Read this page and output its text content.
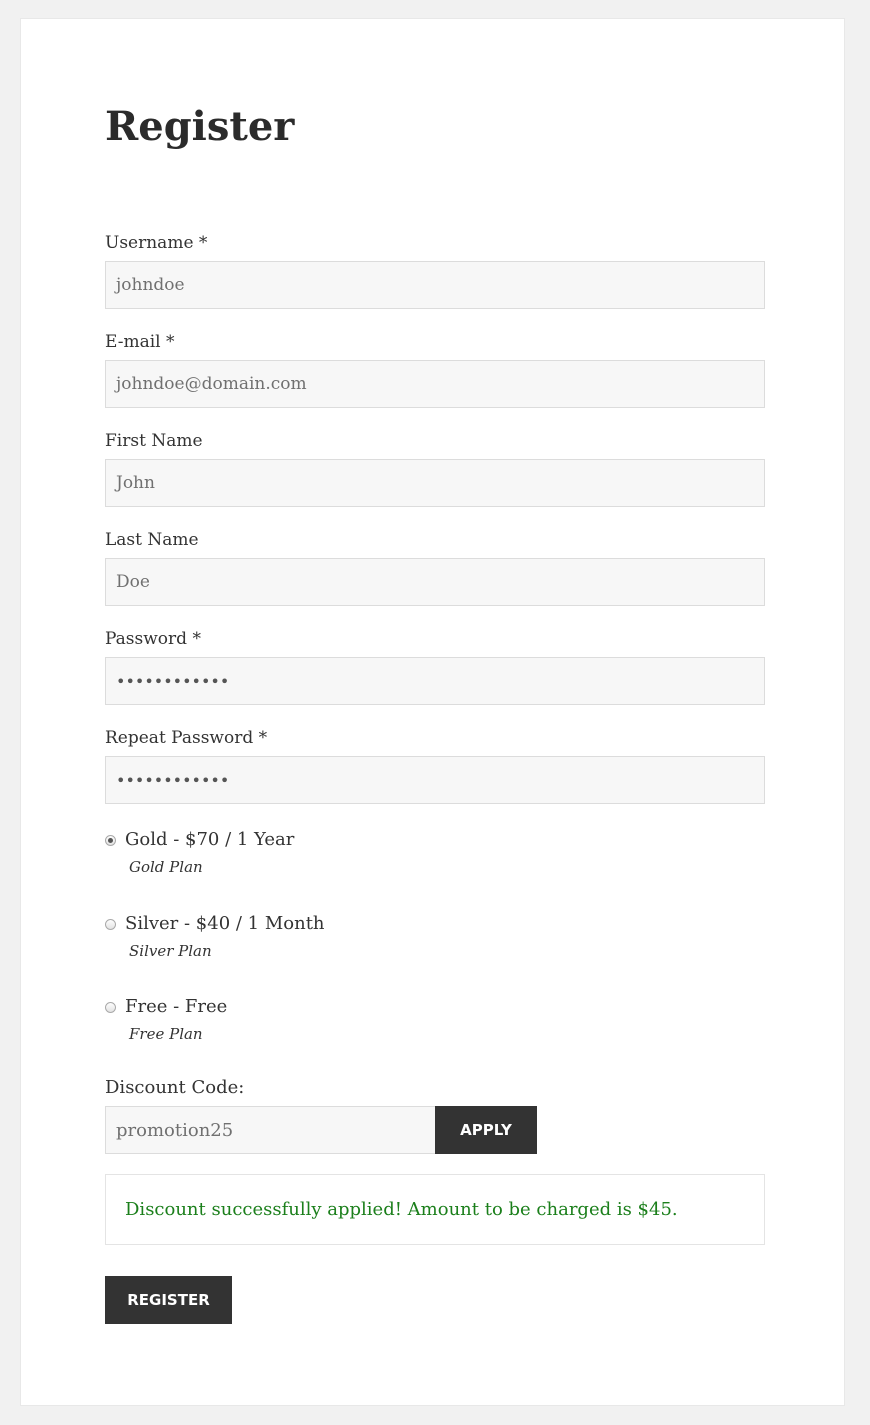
Register
Username *
johndoe
E-mail *
johndoe@domain.com
First Name
John
Last Name
Doe
Password *
••••••••••••
Repeat Password *
••••••••••••
Gold - $70 / 1 Year
Gold Plan
Silver - $40 / 1 Month
Silver Plan
Free - Free
Free Plan
Discount Code:
promotion25	APPLY
Discount successfully applied! Amount to be charged is $45.
REGISTER
